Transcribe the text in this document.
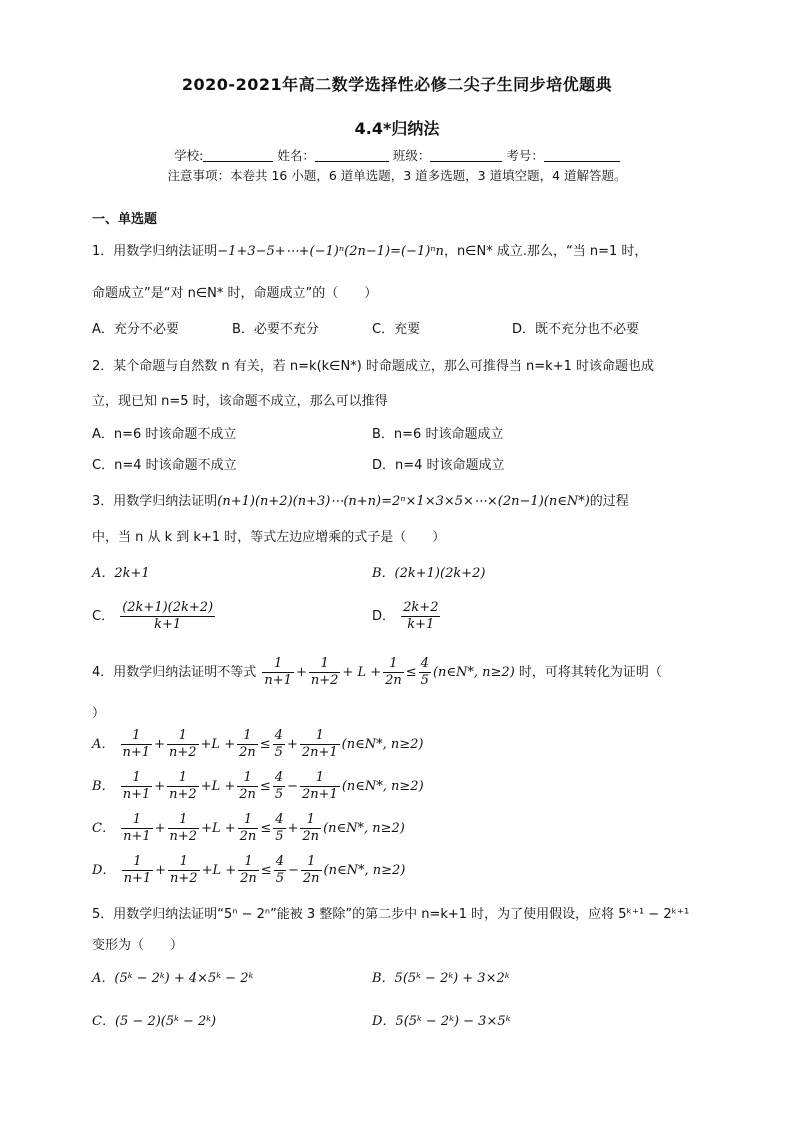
2020-2021年高二数学选择性必修二尖子生同步培优题典
4.4*归纳法
学校:	姓名：	班级：	考号：
注意事项：本卷共 16 小题，6 道单选题，3 道多选题，3 道填空题，4 道解答题。
一、单选题
1．用数学归纳法证明−1+3−5+⋯+(−1)ⁿ(2n−1)=(−1)ⁿn，n∈N* 成立.那么，“当 n=1 时，
命题成立”是“对 n∈N* 时，命题成立”的（　　）
A．充分不必要	B．必要不充分	C．充要	D．既不充分也不必要
2．某个命题与自然数 n 有关，若 n=k(k∈N*) 时命题成立，那么可推得当 n=k+1 时该命题也成
立，现已知 n=5 时，该命题不成立，那么可以推得
A．n=6 时该命题不成立	B．n=6 时该命题成立
C．n=4 时该命题不成立	D．n=4 时该命题成立
3．用数学归纳法证明(n+1)(n+2)(n+3)⋯(n+n)=2ⁿ×1×3×5×⋯×(2n−1)(n∈N*)的过程
中，当 n 从 k 到 k+1 时，等式左边应增乘的式子是（　　）
A．2k+1	B．(2k+1)(2k+2)
C． $\frac{(2k+1)(2k+2)}{k+1}$	D． $\frac{2k+2}{k+1}$
4．用数学归纳法证明不等式 $\frac{1}{n+1} + \frac{1}{n+2} + L + \frac{1}{2n} \le \frac{4}{5}$ (n∈N*, n≥2) 时，可将其转化为证明（
）
A． $\frac{1}{n+1} + \frac{1}{n+2} +L + \frac{1}{2n} \le \frac{4}{5} + \frac{1}{2n+1}$ (n∈N*, n≥2)
B． $\frac{1}{n+1} + \frac{1}{n+2} +L + \frac{1}{2n} \le \frac{4}{5} - \frac{1}{2n+1}$ (n∈N*, n≥2)
C． $\frac{1}{n+1} + \frac{1}{n+2} +L + \frac{1}{2n} \le \frac{4}{5} + \frac{1}{2n}$ (n∈N*, n≥2)
D． $\frac{1}{n+1} + \frac{1}{n+2} +L + \frac{1}{2n} \le \frac{4}{5} - \frac{1}{2n}$ (n∈N*, n≥2)
5．用数学归纳法证明“5ⁿ − 2ⁿ”能被 3 整除”的第二步中 n=k+1 时，为了使用假设，应将 5ᵏ⁺¹ − 2ᵏ⁺¹
变形为（　　）
A．(5ᵏ − 2ᵏ) + 4×5ᵏ − 2ᵏ	B．5(5ᵏ − 2ᵏ) + 3×2ᵏ
C．(5 − 2)(5ᵏ − 2ᵏ)	D．5(5ᵏ − 2ᵏ) − 3×5ᵏ
